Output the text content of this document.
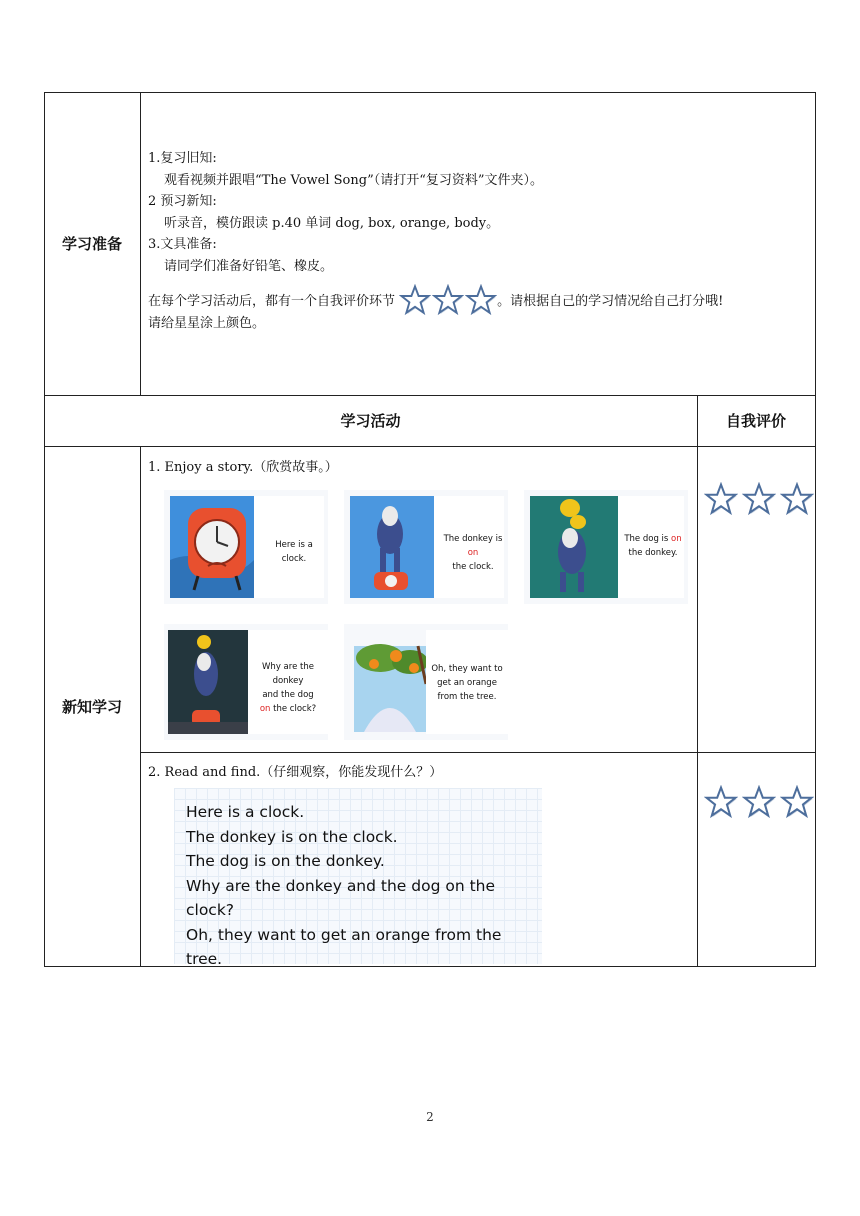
学习准备
1.复习旧知:
观看视频并跟唱“The Vowel Song”（请打开“复习资料”文件夹）。
2 预习新知:
听录音，模仿跟读 p.40 单词 dog, box, orange, body。
3.文具准备:
请同学们准备好铅笔、橡皮。
在每个学习活动后，都有一个自我评价环节	。请根据自己的学习情况给自己打分哦!
请给星星涂上颜色。
学习活动	自我评价
新知学习
1. Enjoy a story.（欣赏故事。）
Here is a clock.
The donkey is on
the clock.
The dog is on
the donkey.
Why are the donkey
and the dog
on the clock?
Oh, they want to
get an orange
from the tree.
2. Read and find.（仔细观察，你能发现什么？）
Here is a clock.
The donkey is on the clock.
The dog is on the donkey.
Why are the donkey and the dog on the clock?
Oh, they want to get an orange from the tree.
2
